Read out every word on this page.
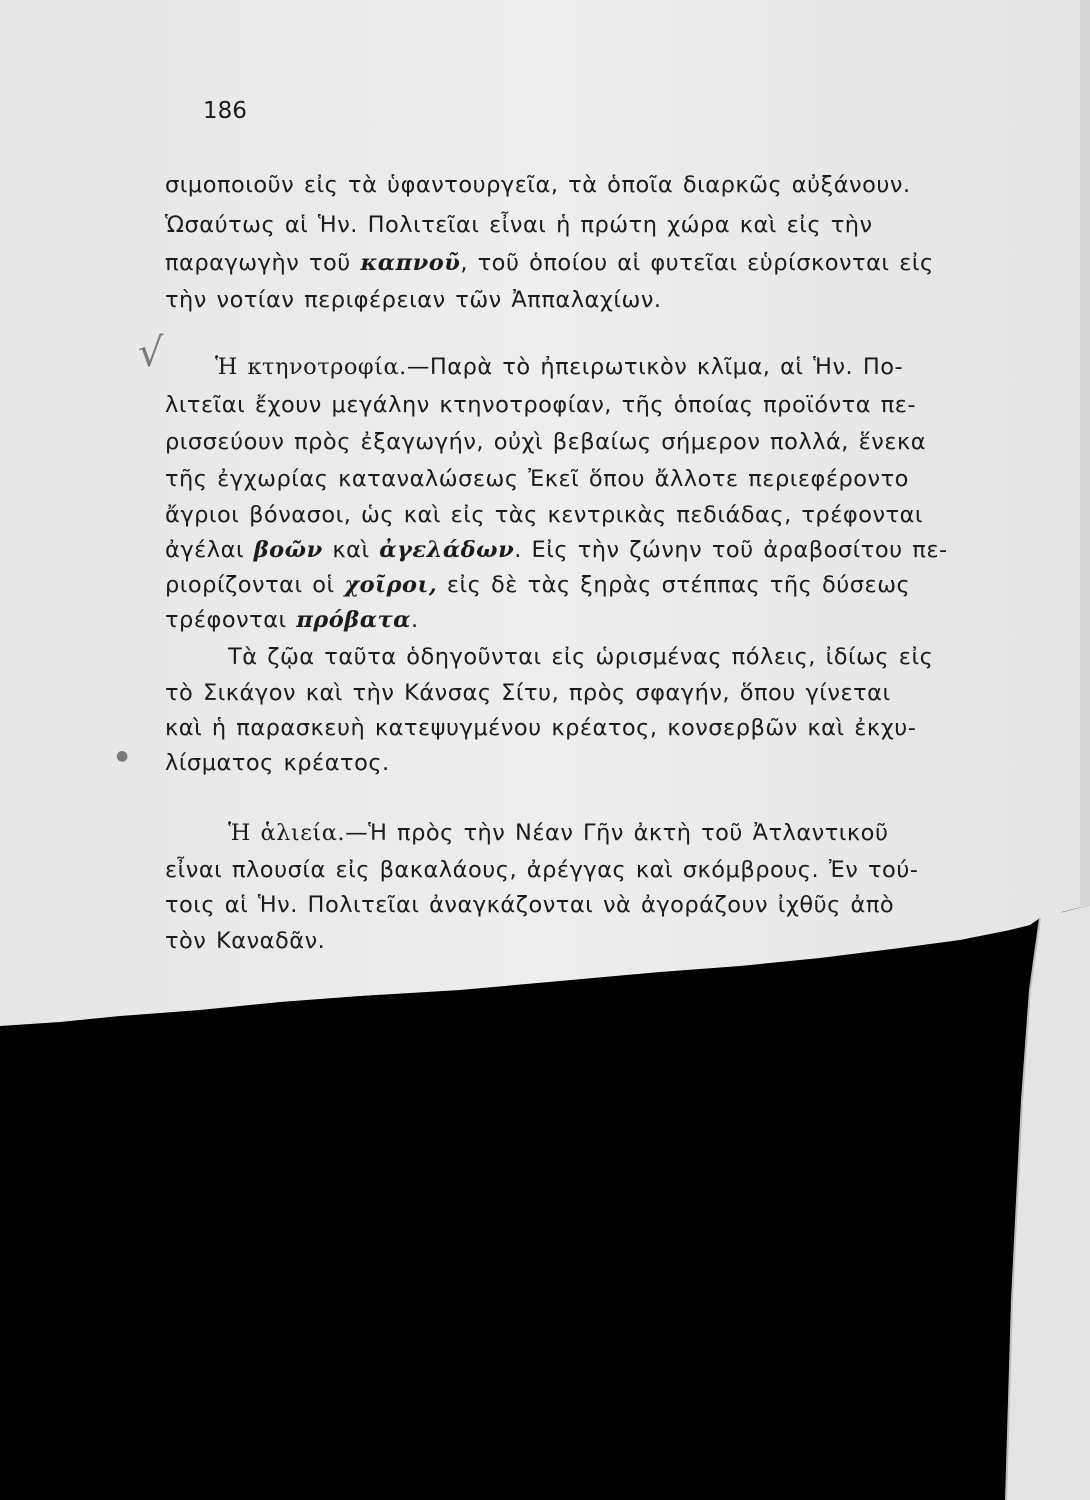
186
σιμοποιοῦν εἰς τὰ ὑφαντουργεῖα, τὰ ὁποῖα διαρκῶς αὐξάνουν.
Ὡσαύτως αἱ Ἡν. Πολιτεῖαι εἶναι ἡ πρώτη χώρα καὶ εἰς τὴν
παραγωγὴν τοῦ καπνοῦ, τοῦ ὁποίου αἱ φυτεῖαι εὑρίσκονται εἰς
τὴν νοτίαν περιφέρειαν τῶν Ἀππαλαχίων.
Ἡ κτηνοτροφία.—Παρὰ τὸ ἠπειρωτικὸν κλῖμα, αἱ Ἡν. Πο-
λιτεῖαι ἔχουν μεγάλην κτηνοτροφίαν, τῆς ὁποίας προϊόντα πε-
ρισσεύουν πρὸς ἐξαγωγήν, οὐχὶ βεβαίως σήμερον πολλά, ἕνεκα
τῆς ἐγχωρίας καταναλώσεως Ἐκεῖ ὅπου ἄλλοτε περιεφέροντο
ἄγριοι βόνασοι, ὡς καὶ εἰς τὰς κεντρικὰς πεδιάδας, τρέφονται
ἀγέλαι βοῶν καὶ ἀγελάδων. Εἰς τὴν ζώνην τοῦ ἀραβοσίτου πε-
ριορίζονται οἱ χοῖροι, εἰς δὲ τὰς ξηρὰς στέππας τῆς δύσεως
τρέφονται πρόβατα.
Τὰ ζῷα ταῦτα ὁδηγοῦνται εἰς ὡρισμένας πόλεις, ἰδίως εἰς
τὸ Σικάγον καὶ τὴν Κάνσας Σίτυ, πρὸς σφαγήν, ὅπου γίνεται
καὶ ἡ παρασκευὴ κατεψυγμένου κρέατος, κονσερβῶν καὶ ἐκχυ-
λίσματος κρέατος.
Ἡ ἁλιεία.—Ἡ πρὸς τὴν Νέαν Γῆν ἀκτὴ τοῦ Ἀτλαντικοῦ
εἶναι πλουσία εἰς βακαλάους, ἀρέγγας καὶ σκόμβρους. Ἐν τού-
τοις αἱ Ἡν. Πολιτεῖαι ἀναγκάζονται νὰ ἀγοράζουν ἰχθῦς ἀπὸ
τὸν Καναδᾶν.
√
●
